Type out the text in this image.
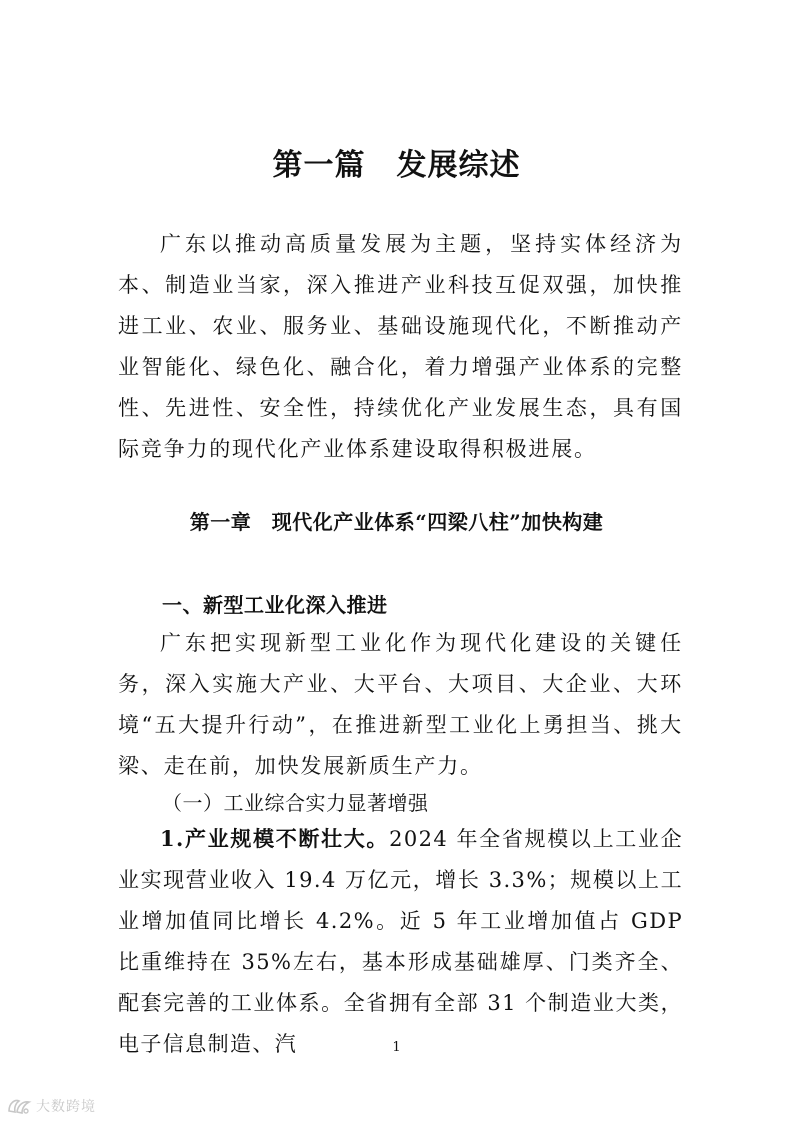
第一篇　发展综述

广东以推动高质量发展为主题，坚持实体经济为本、制造业当家，深入推进产业科技互促双强，加快推进工业、农业、服务业、基础设施现代化，不断推动产业智能化、绿色化、融合化，着力增强产业体系的完整性、先进性、安全性，持续优化产业发展生态，具有国际竞争力的现代化产业体系建设取得积极进展。

第一章　现代化产业体系“四梁八柱”加快构建
一、新型工业化深入推进

广东把实现新型工业化作为现代化建设的关键任务，深入实施大产业、大平台、大项目、大企业、大环境“五大提升行动”，在推进新型工业化上勇担当、挑大梁、走在前，加快发展新质生产力。

（一）工业综合实力显著增强

1.产业规模不断壮大。2024 年全省规模以上工业企业实现营业收入 19.4 万亿元，增长 3.3%；规模以上工业增加值同比增长 4.2%。近 5 年工业增加值占 GDP 比重维持在 35%左右，基本形成基础雄厚、门类齐全、配套完善的工业体系。全省拥有全部 31 个制造业大类，电子信息制造、汽	1
大数跨境
